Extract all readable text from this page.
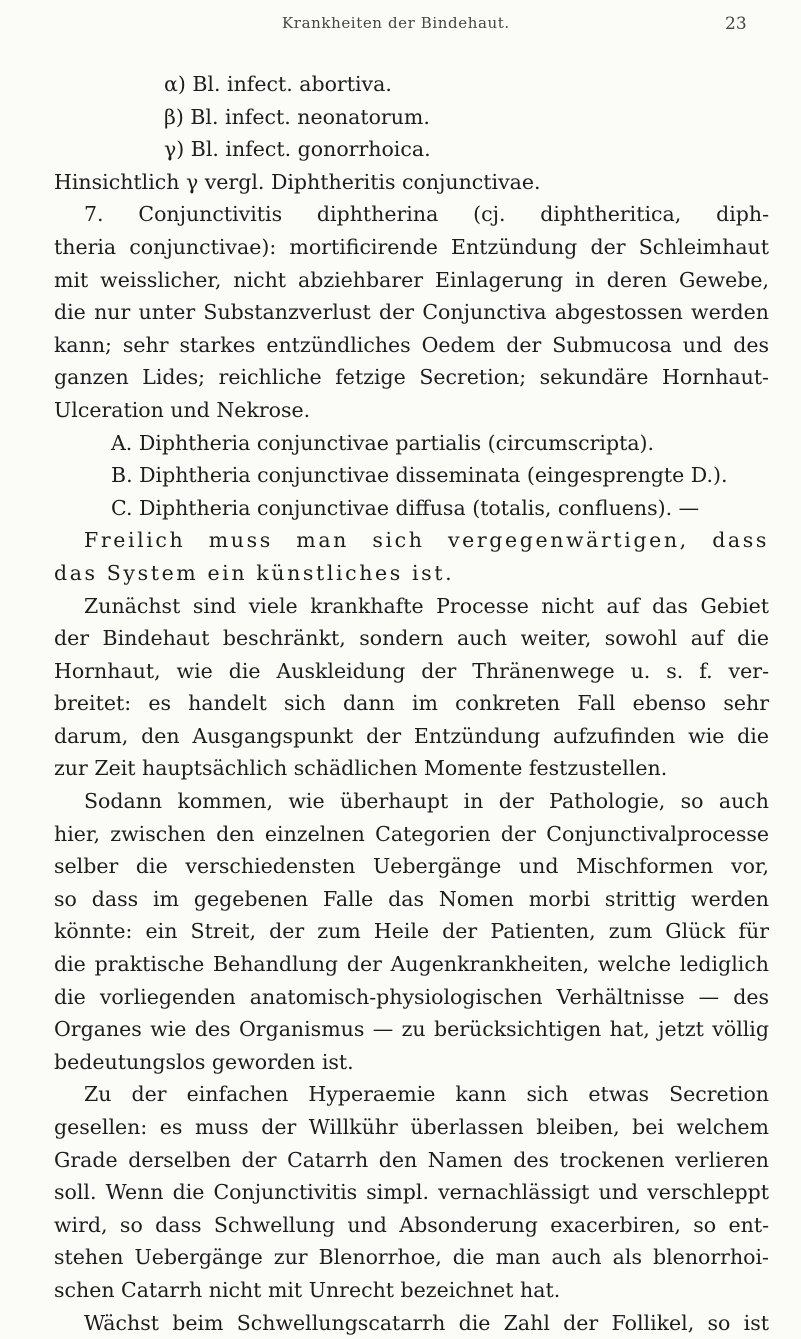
Krankheiten der Bindehaut.	23
α) Bl. infect. abortiva.
β) Bl. infect. neonatorum.
γ) Bl. infect. gonorrhoica.
Hinsichtlich γ vergl. Diphtheritis conjunctivae.
7. Conjunctivitis diphtherina (cj. diphtheritica, diph-
theria conjunctivae): mortificirende Entzündung der Schleimhaut
mit weisslicher, nicht abziehbarer Einlagerung in deren Gewebe,
die nur unter Substanzverlust der Conjunctiva abgestossen werden
kann; sehr starkes entzündliches Oedem der Submucosa und des
ganzen Lides; reichliche fetzige Secretion; sekundäre Hornhaut-
Ulceration und Nekrose.
A. Diphtheria conjunctivae partialis (circumscripta).
B. Diphtheria conjunctivae disseminata (eingesprengte D.).
C. Diphtheria conjunctivae diffusa (totalis, confluens). —
Freilich muss man sich vergegenwärtigen, dass
das System ein künstliches ist.
Zunächst sind viele krankhafte Processe nicht auf das Gebiet
der Bindehaut beschränkt, sondern auch weiter, sowohl auf die
Hornhaut, wie die Auskleidung der Thränenwege u. s. f. ver-
breitet: es handelt sich dann im conkreten Fall ebenso sehr
darum, den Ausgangspunkt der Entzündung aufzufinden wie die
zur Zeit hauptsächlich schädlichen Momente festzustellen.
Sodann kommen, wie überhaupt in der Pathologie, so auch
hier, zwischen den einzelnen Categorien der Conjunctivalprocesse
selber die verschiedensten Uebergänge und Mischformen vor,
so dass im gegebenen Falle das Nomen morbi strittig werden
könnte: ein Streit, der zum Heile der Patienten, zum Glück für
die praktische Behandlung der Augenkrankheiten, welche lediglich
die vorliegenden anatomisch-physiologischen Verhältnisse — des
Organes wie des Organismus — zu berücksichtigen hat, jetzt völlig
bedeutungslos geworden ist.
Zu der einfachen Hyperaemie kann sich etwas Secretion
gesellen: es muss der Willkühr überlassen bleiben, bei welchem
Grade derselben der Catarrh den Namen des trockenen verlieren
soll. Wenn die Conjunctivitis simpl. vernachlässigt und verschleppt
wird, so dass Schwellung und Absonderung exacerbiren, so ent-
stehen Uebergänge zur Blenorrhoe, die man auch als blenorrhoi-
schen Catarrh nicht mit Unrecht bezeichnet hat.
Wächst beim Schwellungscatarrh die Zahl der Follikel, so ist
